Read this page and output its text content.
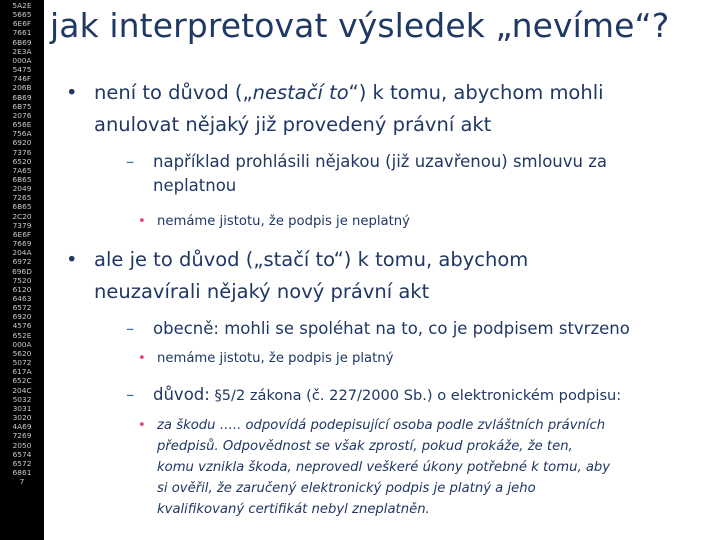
5A2E
5665
6E6F
7661
6B69
2E3A
000A
5475
746F
206B
6B69
6B75
2076
656E
756A
6920
7376
6520
7A65
6B65
2049
7265
6B65
2C20
7379
6E6F
7669
204A
6972
696D
7520
6120
6463
6572
6920
4576
652E
000A
5620
5072
617A
652C
204C
5032
3031
3020
4A69
7269
2050
6574
6572
6861
7
jak interpretovat výsledek „nevíme“?
• není to důvod („nestačí to“) k tomu, abychom mohli
anulovat nějaký již provedený právní akt
– například prohlásili nějakou (již uzavřenou) smlouvu za
neplatnou
• nemáme jistotu, že podpis je neplatný
• ale je to důvod („stačí to“) k tomu, abychom
neuzavírali nějaký nový právní akt
– obecně: mohli se spoléhat na to, co je podpisem stvrzeno
• nemáme jistotu, že podpis je platný
– důvod: §5/2 zákona (č. 227/2000 Sb.) o elektronickém podpisu:
• za škodu ….. odpovídá podepisující osoba podle zvláštních právních
předpisů. Odpovědnost se však zprostí, pokud prokáže, že ten,
komu vznikla škoda, neprovedl veškeré úkony potřebné k tomu, aby
si ověřil, že zaručený elektronický podpis je platný a jeho
kvalifikovaný certifikát nebyl zneplatněn.
